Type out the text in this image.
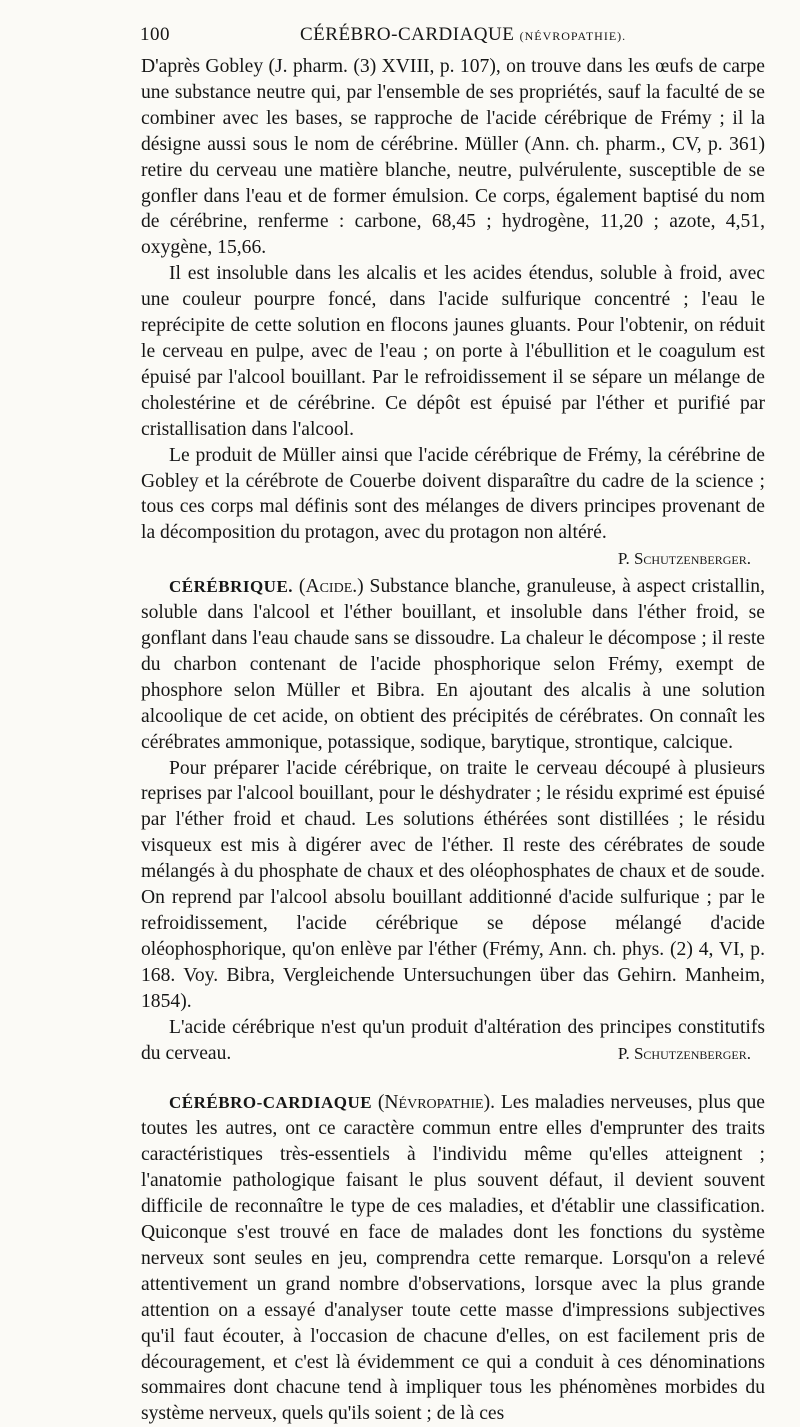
100	CÉRÉBRO-CARDIAQUE (NÉVROPATHIE).

D'après Gobley (J. pharm. (3) XVIII, p. 107), on trouve dans les œufs de carpe une substance neutre qui, par l'ensemble de ses propriétés, sauf la faculté de se combiner avec les bases, se rapproche de l'acide cérébrique de Frémy ; il la désigne aussi sous le nom de cérébrine. Müller (Ann. ch. pharm., CV, p. 361) retire du cerveau une matière blanche, neutre, pulvérulente, susceptible de se gonfler dans l'eau et de former émulsion. Ce corps, également baptisé du nom de cérébrine, renferme : carbone, 68,45 ; hydrogène, 11,20 ; azote, 4,51, oxygène, 15,66.

Il est insoluble dans les alcalis et les acides étendus, soluble à froid, avec une couleur pourpre foncé, dans l'acide sulfurique concentré ; l'eau le reprécipite de cette solution en flocons jaunes gluants. Pour l'obtenir, on réduit le cerveau en pulpe, avec de l'eau ; on porte à l'ébullition et le coagulum est épuisé par l'alcool bouillant. Par le refroidissement il se sépare un mélange de cholestérine et de cérébrine. Ce dépôt est épuisé par l'éther et purifié par cristallisation dans l'alcool.

Le produit de Müller ainsi que l'acide cérébrique de Frémy, la cérébrine de Gobley et la cérébrote de Couerbe doivent disparaître du cadre de la science ; tous ces corps mal définis sont des mélanges de divers principes provenant de la décomposition du protagon, avec du protagon non altéré.
P. Schutzenberger.

CÉRÉBRIQUE. (Acide.) Substance blanche, granuleuse, à aspect cristallin, soluble dans l'alcool et l'éther bouillant, et insoluble dans l'éther froid, se gonflant dans l'eau chaude sans se dissoudre. La chaleur le décompose ; il reste du charbon contenant de l'acide phosphorique selon Frémy, exempt de phosphore selon Müller et Bibra. En ajoutant des alcalis à une solution alcoolique de cet acide, on obtient des précipités de cérébrates. On connaît les cérébrates ammonique, potassique, sodique, barytique, strontique, calcique.

Pour préparer l'acide cérébrique, on traite le cerveau découpé à plusieurs reprises par l'alcool bouillant, pour le déshydrater ; le résidu exprimé est épuisé par l'éther froid et chaud. Les solutions éthérées sont distillées ; le résidu visqueux est mis à digérer avec de l'éther. Il reste des cérébrates de soude mélangés à du phosphate de chaux et des oléophosphates de chaux et de soude. On reprend par l'alcool absolu bouillant additionné d'acide sulfurique ; par le refroidissement, l'acide cérébrique se dépose mélangé d'acide oléophosphorique, qu'on enlève par l'éther (Frémy, Ann. ch. phys. (2) 4, VI, p. 168. Voy. Bibra, Vergleichende Untersuchungen über das Gehirn. Manheim, 1854).

L'acide cérébrique n'est qu'un produit d'altération des principes constitutifs du cerveau.	P. Schutzenberger.

CÉRÉBRO-CARDIAQUE (Névropathie). Les maladies nerveuses, plus que toutes les autres, ont ce caractère commun entre elles d'emprunter des traits caractéristiques très-essentiels à l'individu même qu'elles atteignent ; l'anatomie pathologique faisant le plus souvent défaut, il devient souvent difficile de reconnaître le type de ces maladies, et d'établir une classification. Quiconque s'est trouvé en face de malades dont les fonctions du système nerveux sont seules en jeu, comprendra cette remarque. Lorsqu'on a relevé attentivement un grand nombre d'observations, lorsque avec la plus grande attention on a essayé d'analyser toute cette masse d'impressions subjectives qu'il faut écouter, à l'occasion de chacune d'elles, on est facilement pris de découragement, et c'est là évidemment ce qui a conduit à ces dénominations sommaires dont chacune tend à impliquer tous les phénomènes morbides du système nerveux, quels qu'ils soient ; de là ces
